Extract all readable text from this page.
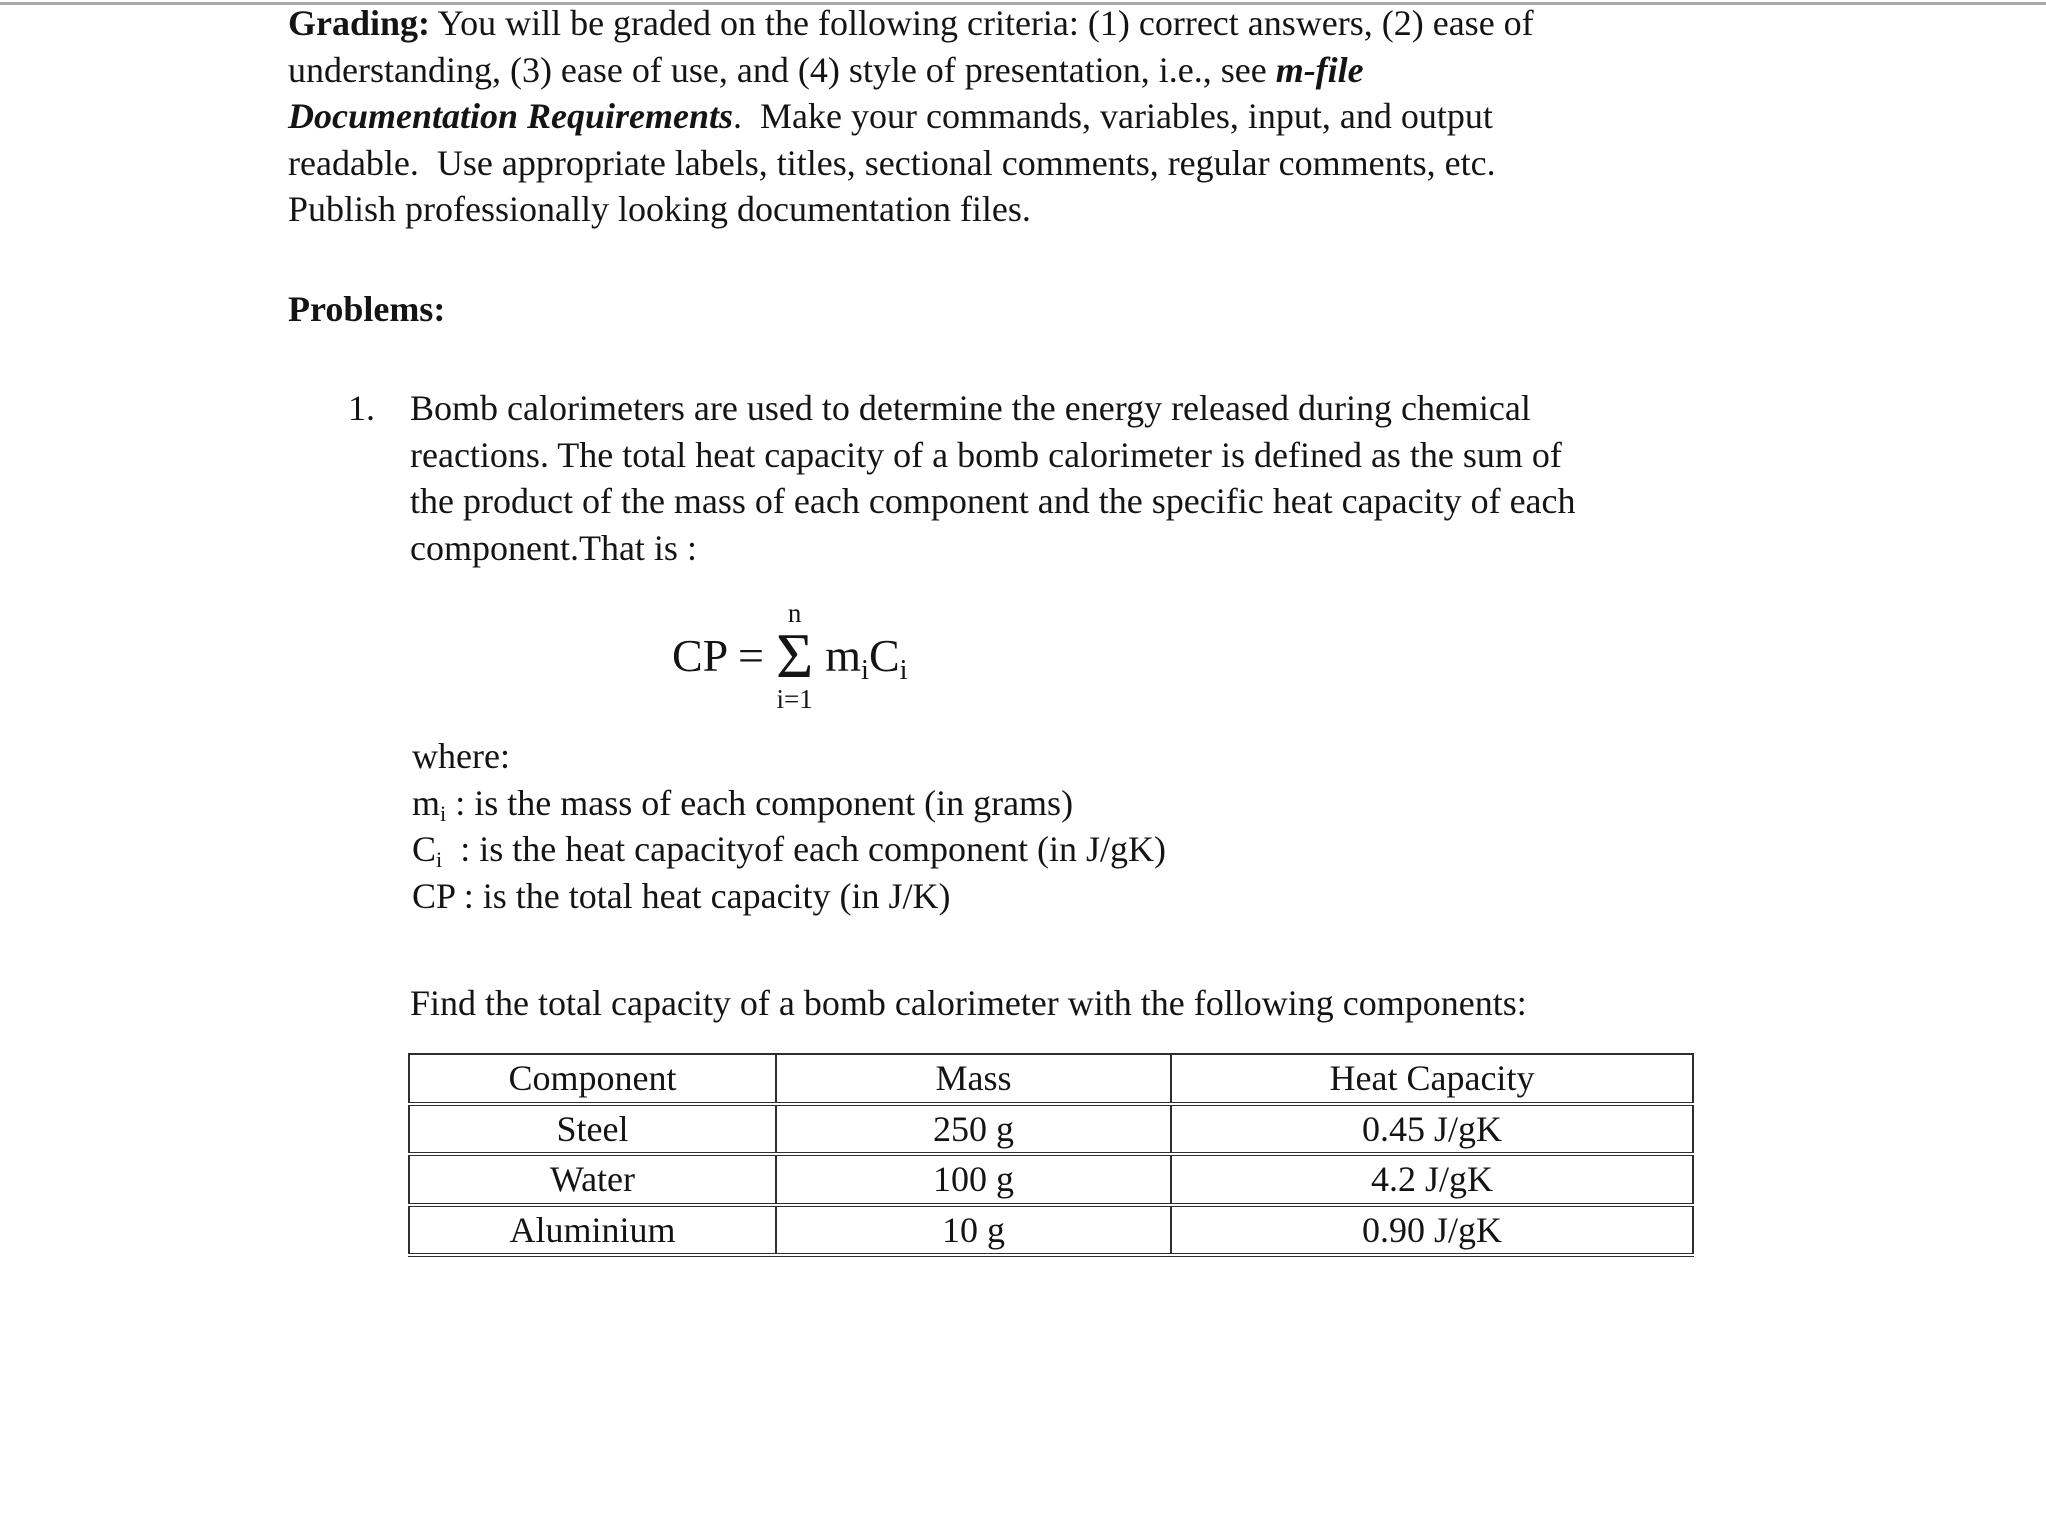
Grading: You will be graded on the following criteria: (1) correct answers, (2) ease of
understanding, (3) ease of use, and (4) style of presentation, i.e., see m-file
Documentation Requirements.  Make your commands, variables, input, and output
readable.  Use appropriate labels, titles, sectional comments, regular comments, etc.
Publish professionally looking documentation files.
Problems:
1. Bomb calorimeters are used to determine the energy released during chemical
reactions. The total heat capacity of a bomb calorimeter is defined as the sum of
the product of the mass of each component and the specific heat capacity of each
component.That is :
CP =
n
Σ
i=1
$m_iC_i$
where:
$m_i$ : is the mass of each component (in grams)
$C_i$  : is the heat capacityof each component (in J/gK)
CP : is the total heat capacity (in J/K)
Find the total capacity of a bomb calorimeter with the following components:
Component	Mass	Heat Capacity
Steel	250 g	0.45 J/gK
Water	100 g	4.2 J/gK
Aluminium	10 g	0.90 J/gK
